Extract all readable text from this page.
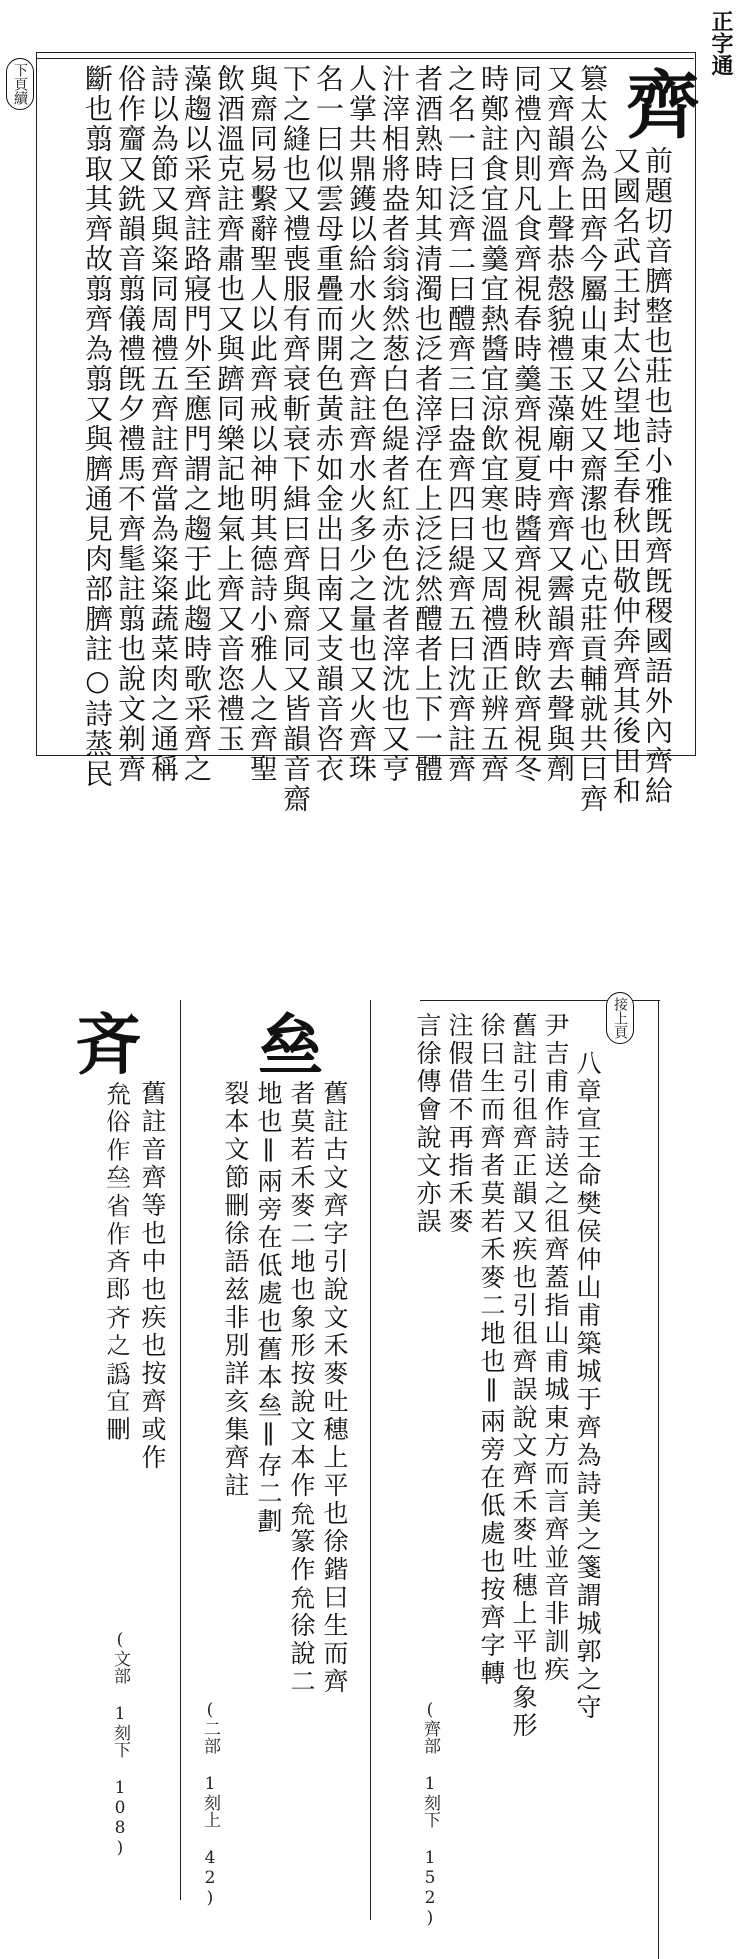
正字通
齊
下頁續
前題切音臍整也莊也詩小雅旣齊旣稷國語外內齊給
又國名武王封太公望地至春秋田敬仲奔齊其後田和
篡太公為田齊今屬山東又姓又齋潔也心克莊貢輔就共曰齊
又齊韻齊上聲恭慤貌禮玉藻廟中齊齊又霽韻齊去聲與劑
同禮內則凡食齊視春時羹齊視夏時醬齊視秋時飲齊視冬
時鄭註食宜溫羹宜熱醬宜涼飲宜寒也又周禮酒正辨五齊
之名一曰泛齊二曰醴齊三曰盎齊四曰緹齊五曰沈齊註齊
者酒熟時知其清濁也泛者滓浮在上泛泛然醴者上下一體
汁滓相將盎者翁翁然葱白色緹者紅赤色沈者滓沈也又亨
人掌共鼎鑊以給水火之齊註齊水火多少之量也又火齊珠
名一曰似雲母重疊而開色黃赤如金出日南又支韻音咨衣
下之縫也又禮喪服有齊衰斬衰下緝曰齊與齋同又皆韻音齋
與齋同易繫辭聖人以此齊戒以神明其德詩小雅人之齊聖
飲酒溫克註齊肅也又與躋同樂記地氣上齊又音恣禮玉
藻趨以采齊註路寢門外至應門謂之趨于此趨時歌采齊之
詩以為節又與粢同周禮五齊註齊當為粢粢蔬菜肉之通稱
俗作齏又銑韻音翦儀禮旣夕禮馬不齊髦註翦也說文剃齊
斷也翦取其齊故翦齊為翦又與臍通見肉部臍註○詩蒸民
接上頁
八章宣王命樊侯仲山甫築城于齊為詩美之箋謂城郭之守
尹吉甫作詩送之徂齊蓋指山甫城東方而言齊並音非訓疾
舊註引徂齊正韻又疾也引徂齊誤說文齊禾麥吐穗上平也象形
徐曰生而齊者莫若禾麥二地也∥兩旁在低處也按齊字轉
注假借不再指禾麥
言徐傳會說文亦誤
(齊部 1刻下 152)
亝
舊註古文齊字引說文禾麥吐穗上平也徐鍇曰生而齊
者莫若禾麥二地也象形按說文本作𠫱篆作𠫱徐說二
地也∥兩旁在低處也舊本亝∥存二劃
裂本文節刪徐語兹非別詳亥集齊註
(二部 1刻上 42)
斉
舊註音齊等也中也疾也按齊或作
𠫱俗作亝省作斉郎齐之譌宜刪
(文部 1刻下 108)
